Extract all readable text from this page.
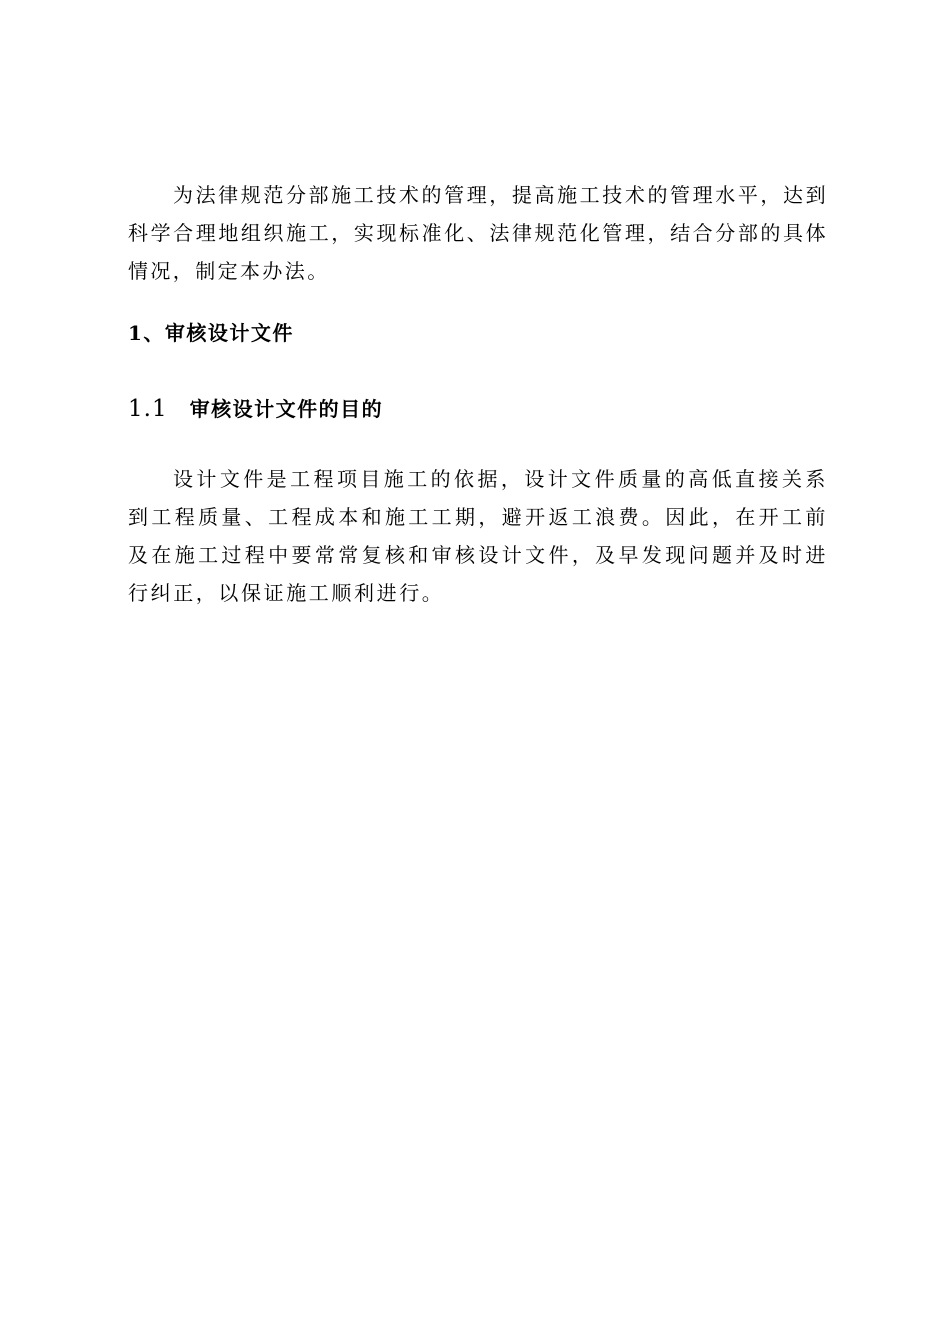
为法律规范分部施工技术的管理，提高施工技术的管理水平，达到科学合理地组织施工，实现标准化、法律规范化管理，结合分部的具体情况，制定本办法。

1、审核设计文件
1.1 审核设计文件的目的

设计文件是工程项目施工的依据，设计文件质量的高低直接关系到工程质量、工程成本和施工工期，避开返工浪费。因此，在开工前及在施工过程中要常常复核和审核设计文件，及早发现问题并及时进行纠正，以保证施工顺利进行。
